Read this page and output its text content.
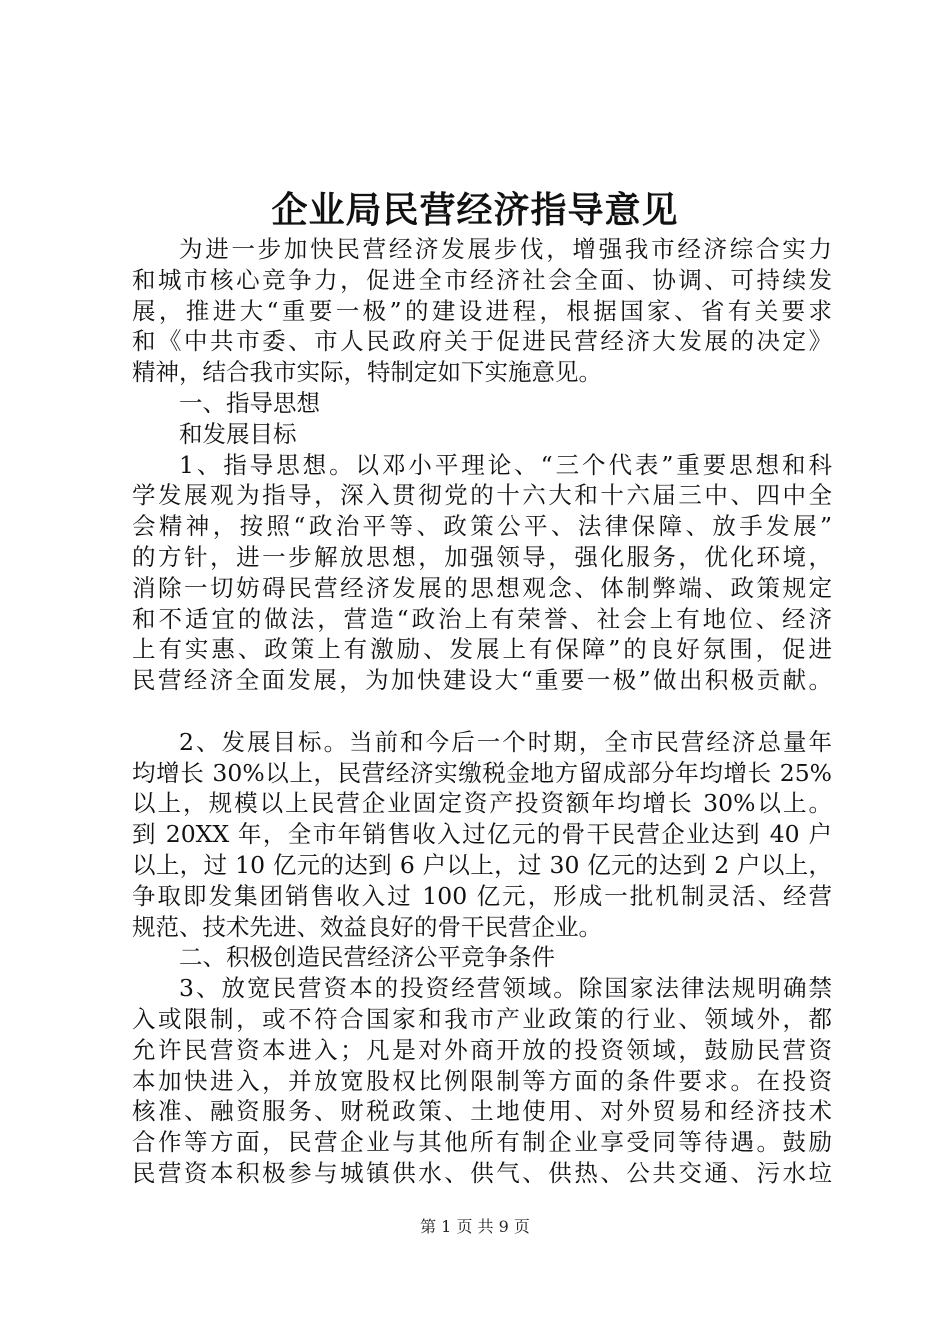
企业局民营经济指导意见
为进一步加快民营经济发展步伐，增强我市经济综合实力
和城市核心竞争力，促进全市经济社会全面、协调、可持续发
展，推进大“重要一极”的建设进程，根据国家、省有关要求
和《中共市委、市人民政府关于促进民营经济大发展的决定》
精神，结合我市实际，特制定如下实施意见。
一、指导思想
和发展目标
1、指导思想。以邓小平理论、“三个代表”重要思想和科
学发展观为指导，深入贯彻党的十六大和十六届三中、四中全
会精神，按照“政治平等、政策公平、法律保障、放手发展”
的方针，进一步解放思想，加强领导，强化服务，优化环境，
消除一切妨碍民营经济发展的思想观念、体制弊端、政策规定
和不适宜的做法，营造“政治上有荣誉、社会上有地位、经济
上有实惠、政策上有激励、发展上有保障”的良好氛围，促进
民营经济全面发展，为加快建设大“重要一极”做出积极贡献。
2、发展目标。当前和今后一个时期，全市民营经济总量年
均增长 30%以上，民营经济实缴税金地方留成部分年均增长 25%
以上，规模以上民营企业固定资产投资额年均增长 30%以上。
到 20XX 年，全市年销售收入过亿元的骨干民营企业达到 40 户
以上，过 10 亿元的达到 6 户以上，过 30 亿元的达到 2 户以上，
争取即发集团销售收入过 100 亿元，形成一批机制灵活、经营
规范、技术先进、效益良好的骨干民营企业。
二、积极创造民营经济公平竞争条件
3、放宽民营资本的投资经营领域。除国家法律法规明确禁
入或限制，或不符合国家和我市产业政策的行业、领域外，都
允许民营资本进入；凡是对外商开放的投资领域，鼓励民营资
本加快进入，并放宽股权比例限制等方面的条件要求。在投资
核准、融资服务、财税政策、土地使用、对外贸易和经济技术
合作等方面，民营企业与其他所有制企业享受同等待遇。鼓励
民营资本积极参与城镇供水、供气、供热、公共交通、污水垃
第 1 页 共 9 页
